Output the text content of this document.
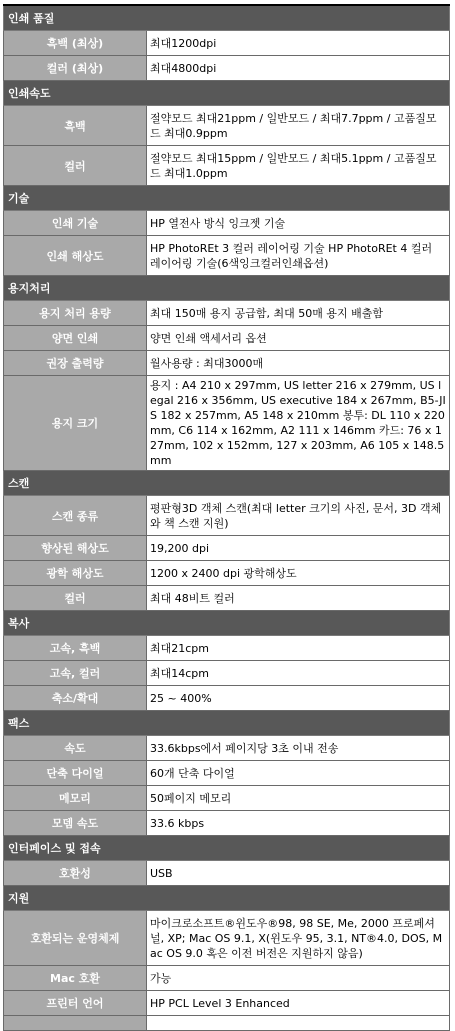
인쇄 품질	
흑백 (최상)	최대1200dpi
컬러 (최상)	최대4800dpi
인쇄속도	
흑백	절약모드 최대21ppm / 일반모드 / 최대7.7ppm / 고품질모드 최대0.9ppm
컬러	절약모드 최대15ppm / 일반모드 / 최대5.1ppm / 고품질모드 최대1.0ppm
기술	
인쇄 기술	HP 열전사 방식 잉크젯 기술
인쇄 해상도	HP PhotoREt 3 컬러 레이어링 기술 HP PhotoREt 4 컬러 레이어링 기술(6색잉크컬러인쇄옵션)
용지처리	
용지 처리 용량	최대 150매 용지 공급함, 최대 50매 용지 배출함
양면 인쇄	양면 인쇄 액세서리 옵션
권장 출력량	월사용량 : 최대3000매
용지 크기	용지 : A4 210 x 297mm, US letter 216 x 279mm, US legal 216 x 356mm, US executive 184 x 267mm, B5-JIS 182 x 257mm, A5 148 x 210mm 봉투: DL 110 x 220mm, C6 114 x 162mm, A2 111 x 146mm 카드: 76 x 127mm, 102 x 152mm, 127 x 203mm, A6 105 x 148.5mm
스캔	
스캔 종류	평판형3D 객체 스캔(최대 letter 크기의 사진, 문서, 3D 객체와 책 스캔 지원)
향상된 해상도	19,200 dpi
광학 해상도	1200 x 2400 dpi 광학해상도
컬러	최대 48비트 컬러
복사	
고속, 흑백	최대21cpm
고속, 컬러	최대14cpm
축소/확대	25 ~ 400%
팩스	
속도	33.6kbps에서 페이지당 3초 이내 전송
단축 다이얼	60개 단축 다이얼
메모리	50페이지 메모리
모뎀 속도	33.6 kbps
인터페이스 및 접속	
호환성	USB
지원	
호환되는 운영체제	마이크로소프트®윈도우®98, 98 SE, Me, 2000 프로페셔널, XP; Mac OS 9.1, X(윈도우 95, 3.1, NT®4.0, DOS, Mac OS 9.0 혹은 이전 버전은 지원하지 않음)
Mac 호환	가능
프린터 언어	HP PCL Level 3 Enhanced
